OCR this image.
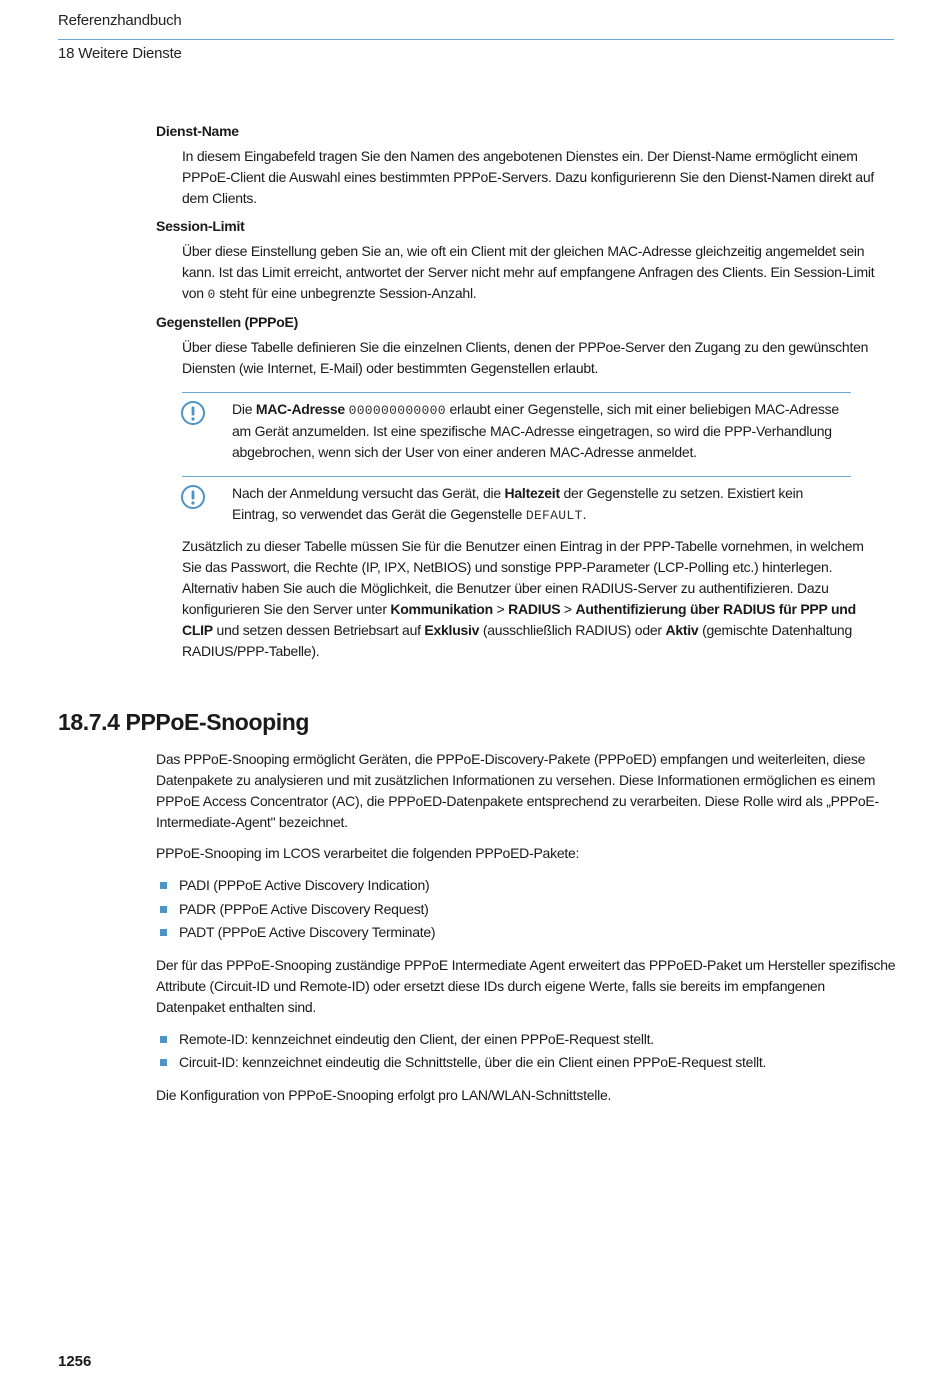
Referenzhandbuch
18 Weitere Dienste
Dienst-Name

In diesem Eingabefeld tragen Sie den Namen des angebotenen Dienstes ein. Der Dienst-Name ermöglicht einem PPPoE-Client die Auswahl eines bestimmten PPPoE-Servers. Dazu konfigurierenn Sie den Dienst-Namen direkt auf dem Clients.

Session-Limit

Über diese Einstellung geben Sie an, wie oft ein Client mit der gleichen MAC-Adresse gleichzeitig angemeldet sein kann. Ist das Limit erreicht, antwortet der Server nicht mehr auf empfangene Anfragen des Clients. Ein Session-Limit von 0 steht für eine unbegrenzte Session-Anzahl.

Gegenstellen (PPPoE)

Über diese Tabelle definieren Sie die einzelnen Clients, denen der PPPoe-Server den Zugang zu den gewünschten Diensten (wie Internet, E-Mail) oder bestimmten Gegenstellen erlaubt.

Die MAC-Adresse 000000000000 erlaubt einer Gegenstelle, sich mit einer beliebigen MAC-Adresse am Gerät anzumelden. Ist eine spezifische MAC-Adresse eingetragen, so wird die PPP-Verhandlung abgebrochen, wenn sich der User von einer anderen MAC-Adresse anmeldet.
Nach der Anmeldung versucht das Gerät, die Haltezeit der Gegenstelle zu setzen. Existiert kein Eintrag, so verwendet das Gerät die Gegenstelle DEFAULT.
Zusätzlich zu dieser Tabelle müssen Sie für die Benutzer einen Eintrag in der PPP-Tabelle vornehmen, in welchem Sie das Passwort, die Rechte (IP, IPX, NetBIOS) und sonstige PPP-Parameter (LCP-Polling etc.) hinterlegen. Alternativ haben Sie auch die Möglichkeit, die Benutzer über einen RADIUS-Server zu authentifizieren. Dazu konfigurieren Sie den Server unter Kommunikation > RADIUS > Authentifizierung über RADIUS für PPP und CLIP und setzen dessen Betriebsart auf Exklusiv (ausschließlich RADIUS) oder Aktiv (gemischte Datenhaltung RADIUS/PPP-Tabelle).
18.7.4 PPPoE-Snooping

Das PPPoE-Snooping ermöglicht Geräten, die PPPoE-Discovery-Pakete (PPPoED) empfangen und weiterleiten, diese Datenpakete zu analysieren und mit zusätzlichen Informationen zu versehen. Diese Informationen ermöglichen es einem PPPoE Access Concentrator (AC), die PPPoED-Datenpakete entsprechend zu verarbeiten. Diese Rolle wird als „PPPoE-Intermediate-Agent" bezeichnet.

PPPoE-Snooping im LCOS verarbeitet die folgenden PPPoED-Pakete:

PADI (PPPoE Active Discovery Indication)
PADR (PPPoE Active Discovery Request)
PADT (PPPoE Active Discovery Terminate)

Der für das PPPoE-Snooping zuständige PPPoE Intermediate Agent erweitert das PPPoED-Paket um Hersteller spezifische Attribute (Circuit-ID und Remote-ID) oder ersetzt diese IDs durch eigene Werte, falls sie bereits im empfangenen Datenpaket enthalten sind.

Remote-ID: kennzeichnet eindeutig den Client, der einen PPPoE-Request stellt.
Circuit-ID: kennzeichnet eindeutig die Schnittstelle, über die ein Client einen PPPoE-Request stellt.

Die Konfiguration von PPPoE-Snooping erfolgt pro LAN/WLAN-Schnittstelle.

1256
